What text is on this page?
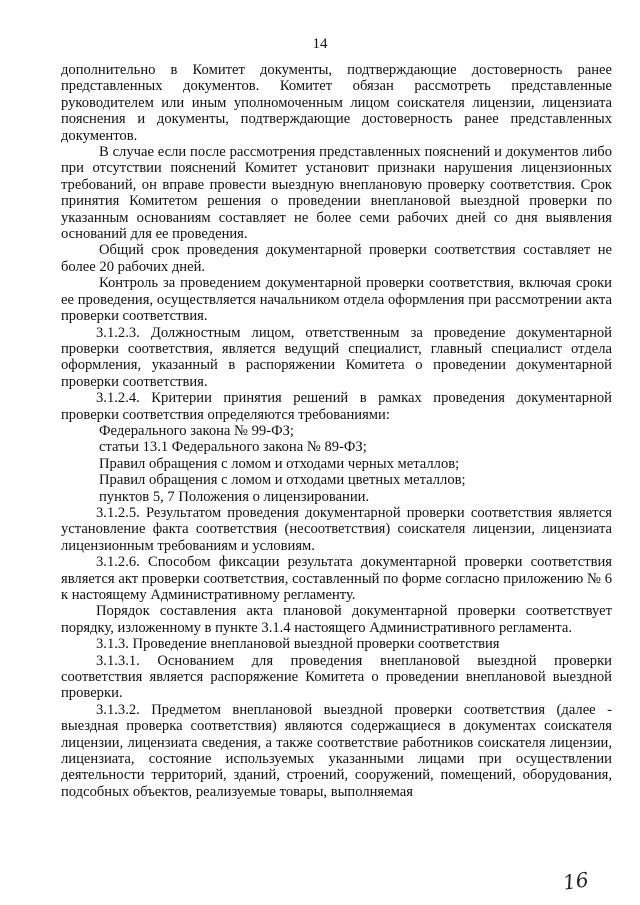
14

дополнительно в Комитет документы, подтверждающие достоверность ранее представленных документов. Комитет обязан рассмотреть представленные руководителем или иным уполномоченным лицом соискателя лицензии, лицензиата пояснения и документы, подтверждающие достоверность ранее представленных документов.

В случае если после рассмотрения представленных пояснений и документов либо при отсутствии пояснений Комитет установит признаки нарушения лицензионных требований, он вправе провести выездную внеплановую проверку соответствия. Срок принятия Комитетом решения о проведении внеплановой выездной проверки по указанным основаниям составляет не более семи рабочих дней со дня выявления оснований для ее проведения.

Общий срок проведения документарной проверки соответствия составляет не более 20 рабочих дней.

Контроль за проведением документарной проверки соответствия, включая сроки ее проведения, осуществляется начальником отдела оформления при рассмотрении акта проверки соответствия.

3.1.2.3. Должностным лицом, ответственным за проведение документарной проверки соответствия, является ведущий специалист, главный специалист отдела оформления, указанный в распоряжении Комитета о проведении документарной проверки соответствия.

3.1.2.4. Критерии принятия решений в рамках проведения документарной проверки соответствия определяются требованиями:

Федерального закона № 99-ФЗ;

статьи 13.1 Федерального закона № 89-ФЗ;

Правил обращения с ломом и отходами черных металлов;

Правил обращения с ломом и отходами цветных металлов;

пунктов 5, 7 Положения о лицензировании.

3.1.2.5. Результатом проведения документарной проверки соответствия является установление факта соответствия (несоответствия) соискателя лицензии, лицензиата лицензионным требованиям и условиям.

3.1.2.6. Способом фиксации результата документарной проверки соответствия является акт проверки соответствия, составленный по форме согласно приложению № 6 к настоящему Административному регламенту.

Порядок составления акта плановой документарной проверки соответствует порядку, изложенному в пункте 3.1.4 настоящего Административного регламента.

3.1.3. Проведение внеплановой выездной проверки соответствия

3.1.3.1. Основанием для проведения внеплановой выездной проверки соответствия является распоряжение Комитета о проведении внеплановой выездной проверки.

3.1.3.2. Предметом внеплановой выездной проверки соответствия (далее - выездная проверка соответствия) являются содержащиеся в документах соискателя лицензии, лицензиата сведения, а также соответствие работников соискателя лицензии, лицензиата, состояние используемых указанными лицами при осуществлении деятельности территорий, зданий, строений, сооружений, помещений, оборудования, подсобных объектов, реализуемые товары, выполняемая

16
